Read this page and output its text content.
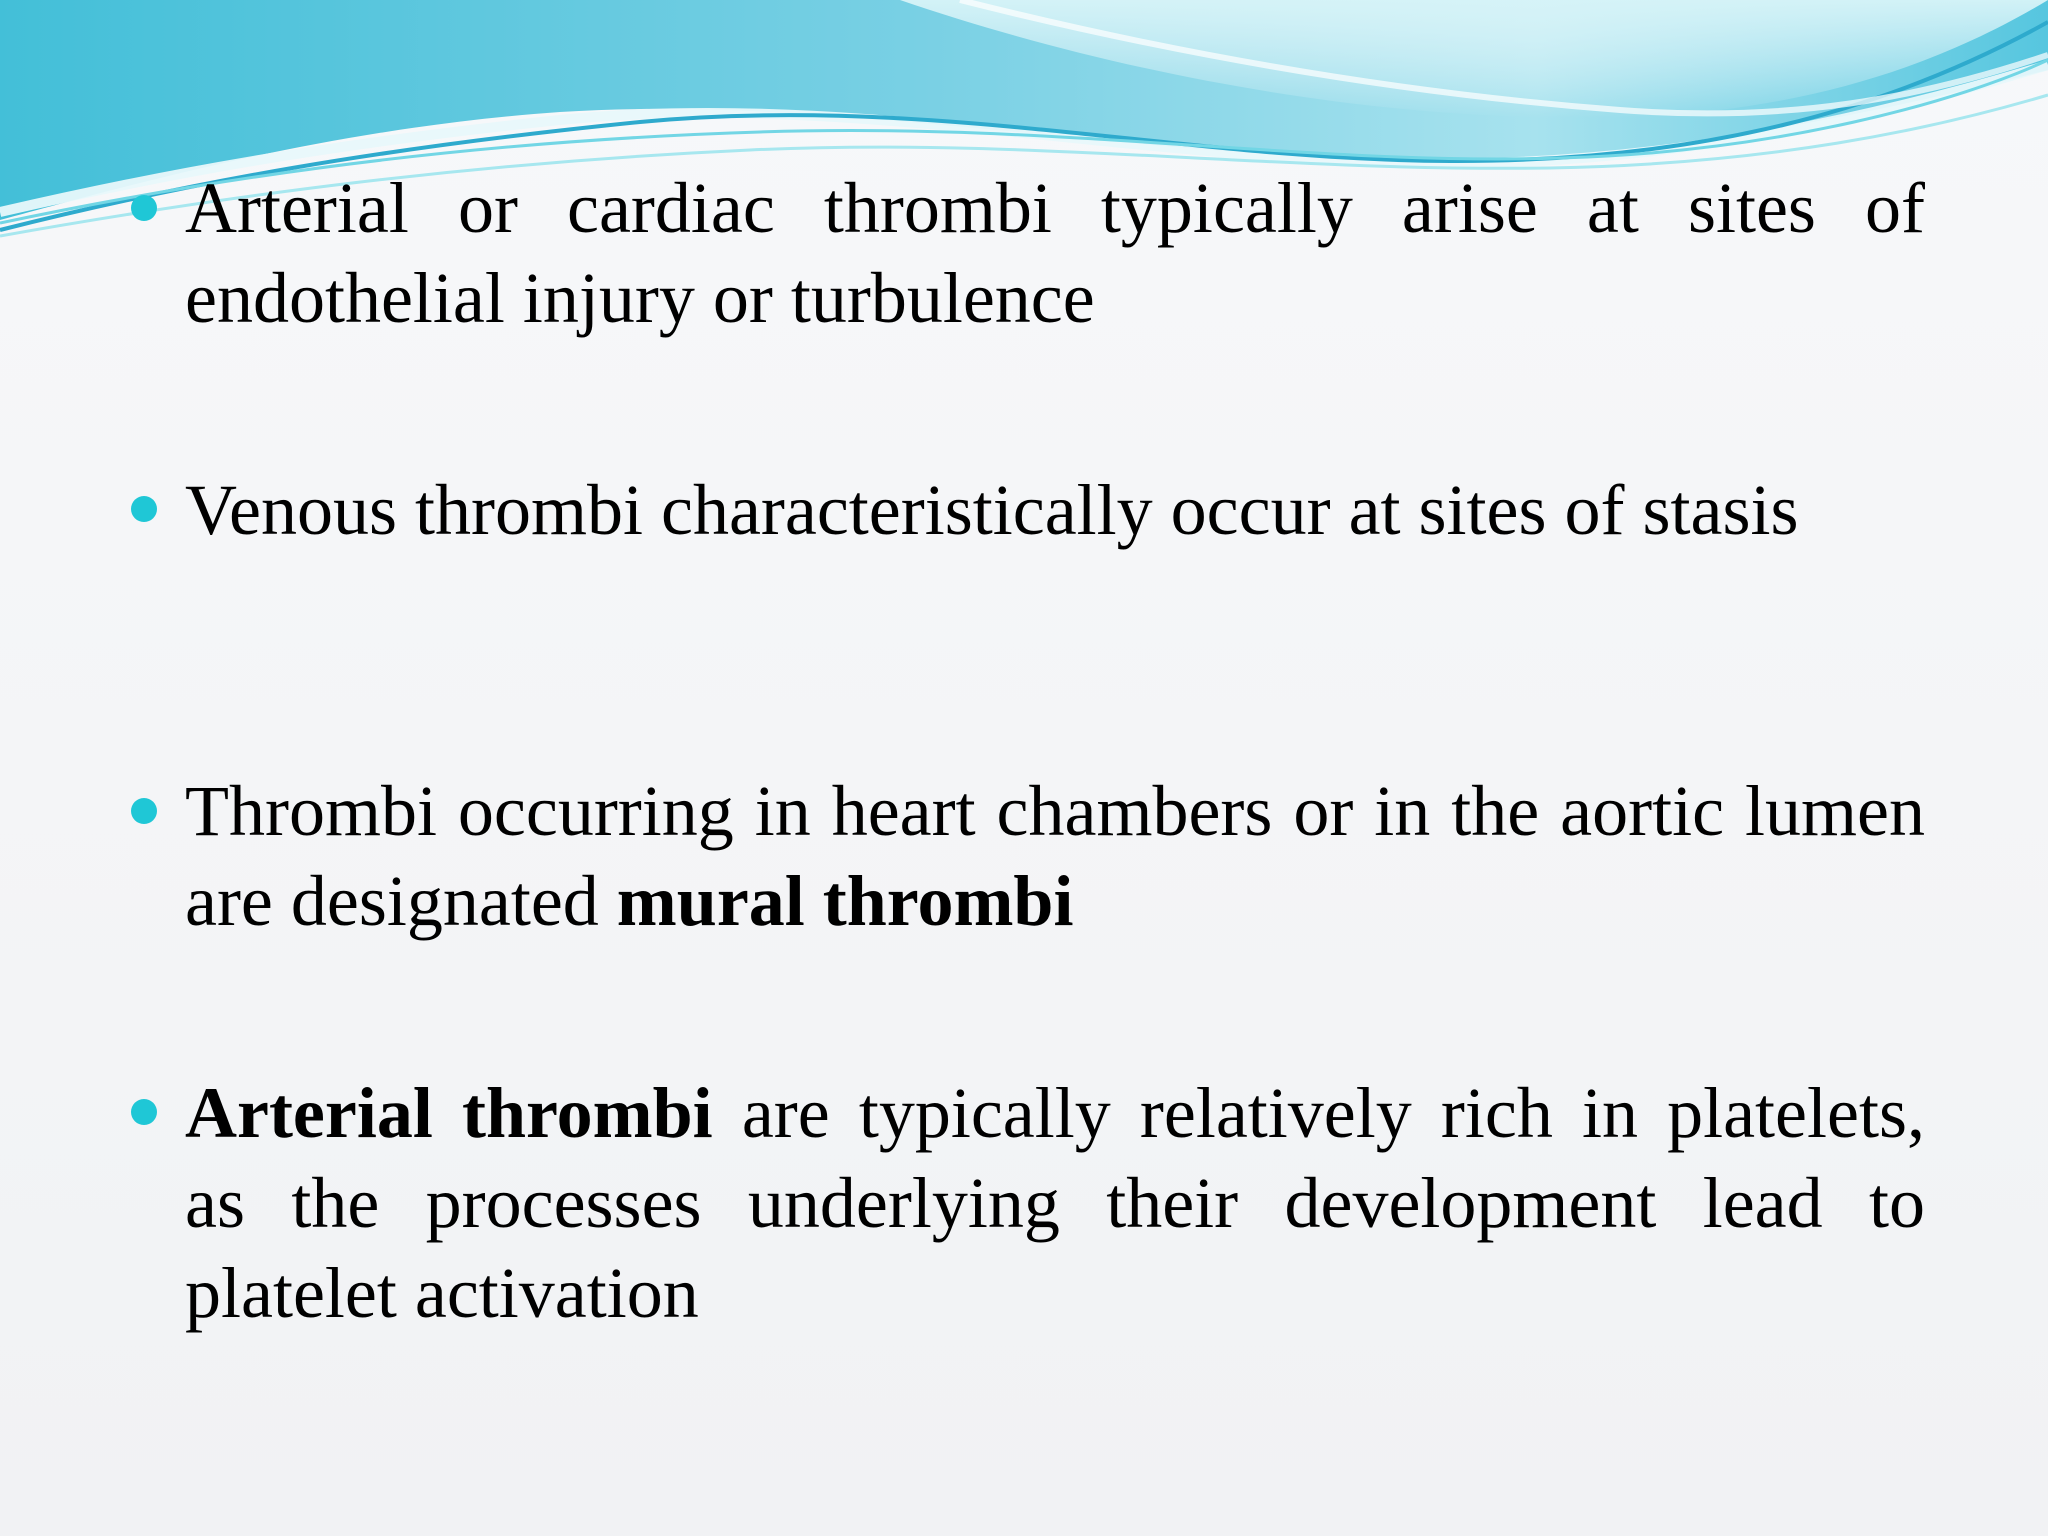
Arterial or cardiac thrombi typically arise at sites of endothelial injury or turbulence
Venous thrombi characteristically occur at sites of stasis
Thrombi occurring in heart chambers or in the aortic lumen are designated mural thrombi
Arterial thrombi are typically relatively rich in platelets, as the processes underlying their development lead to platelet activation
